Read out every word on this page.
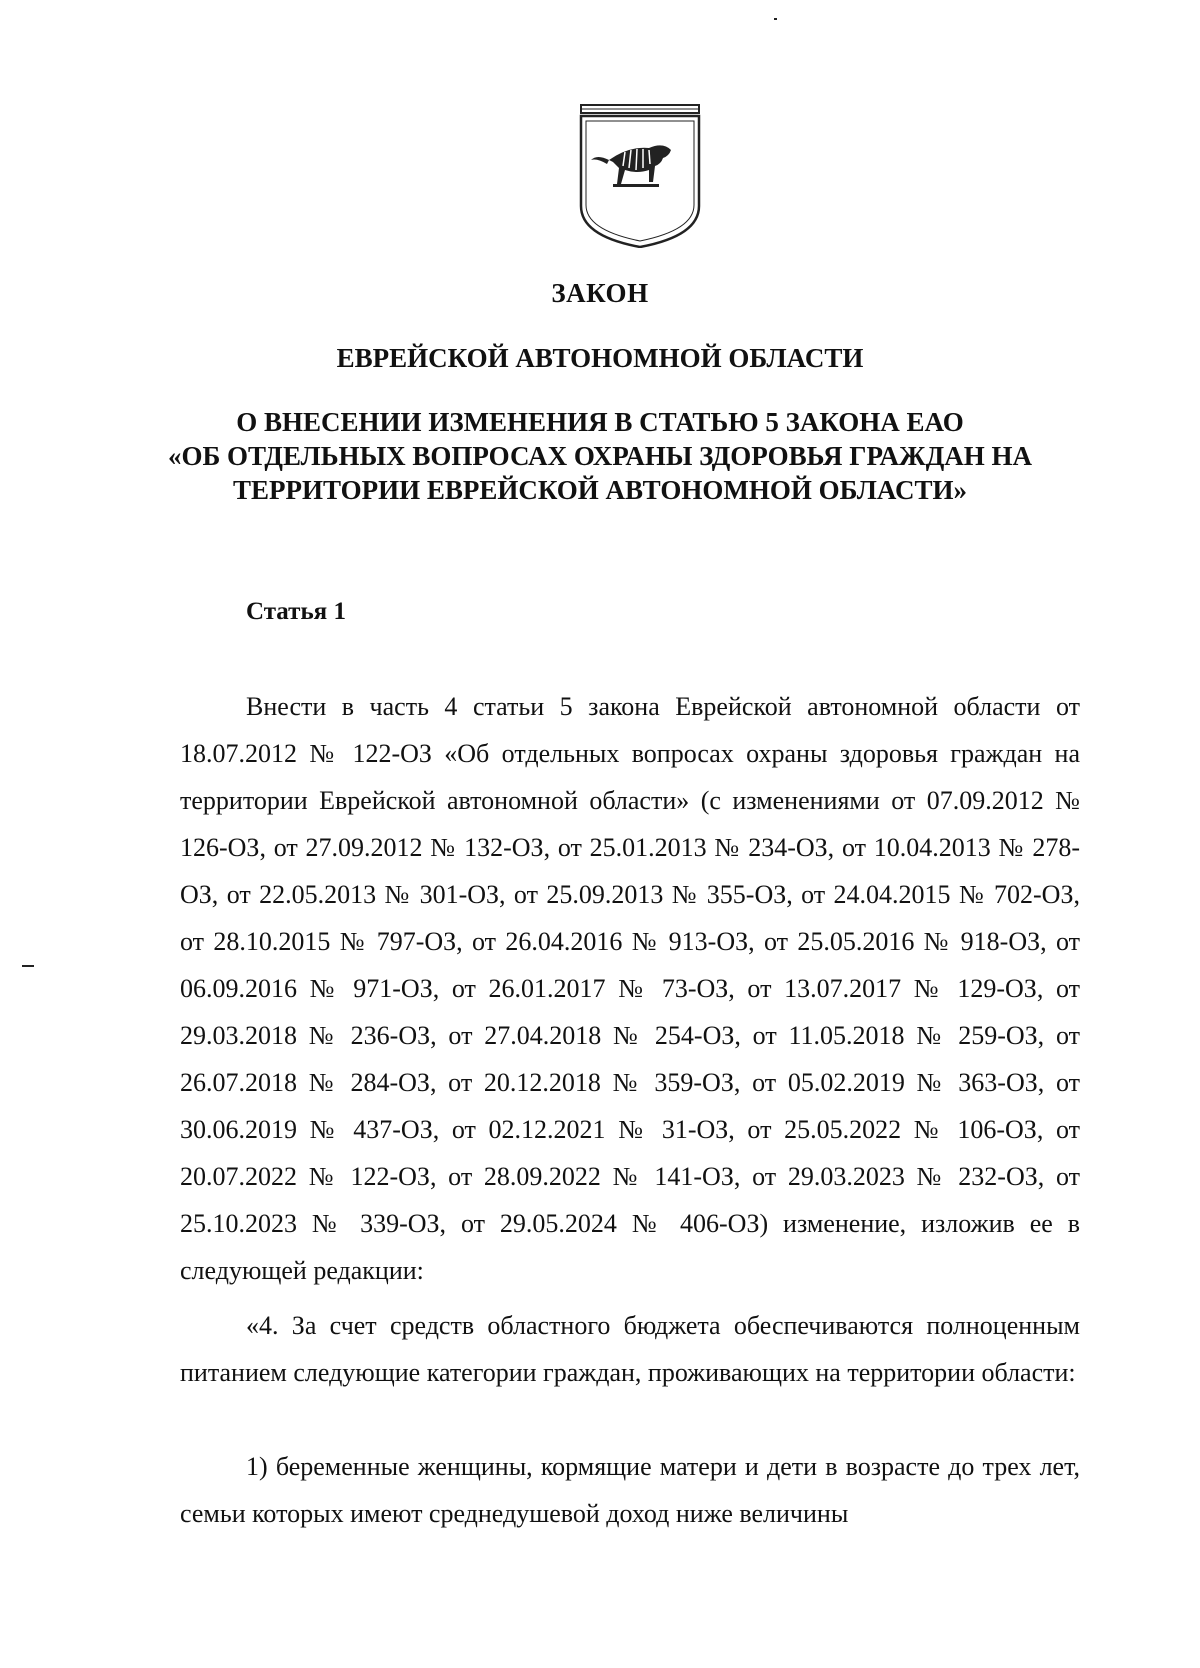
ЗАКОН
ЕВРЕЙСКОЙ АВТОНОМНОЙ ОБЛАСТИ
О ВНЕСЕНИИ ИЗМЕНЕНИЯ В СТАТЬЮ 5 ЗАКОНА ЕАО
«ОБ ОТДЕЛЬНЫХ ВОПРОСАХ ОХРАНЫ ЗДОРОВЬЯ ГРАЖДАН НА
ТЕРРИТОРИИ ЕВРЕЙСКОЙ АВТОНОМНОЙ ОБЛАСТИ»
Статья 1

Внести в часть 4 статьи 5 закона Еврейской автономной области от 18.07.2012 № 122-ОЗ «Об отдельных вопросах охраны здоровья граждан на территории Еврейской автономной области» (с изменениями от 07.09.2012 № 126-ОЗ, от 27.09.2012 № 132-ОЗ, от 25.01.2013 № 234-ОЗ, от 10.04.2013 № 278-ОЗ, от 22.05.2013 № 301-ОЗ, от 25.09.2013 № 355-ОЗ, от 24.04.2015 № 702-ОЗ, от 28.10.2015 № 797-ОЗ, от 26.04.2016 № 913-ОЗ, от 25.05.2016 № 918-ОЗ, от 06.09.2016 № 971-ОЗ, от 26.01.2017 № 73-ОЗ, от 13.07.2017 № 129-ОЗ, от 29.03.2018 № 236-ОЗ, от 27.04.2018 № 254-ОЗ, от 11.05.2018 № 259-ОЗ, от 26.07.2018 № 284-ОЗ, от 20.12.2018 № 359-ОЗ, от 05.02.2019 № 363-ОЗ, от 30.06.2019 № 437-ОЗ, от 02.12.2021 № 31-ОЗ, от 25.05.2022 № 106-ОЗ, от 20.07.2022 № 122-ОЗ, от 28.09.2022 № 141-ОЗ, от 29.03.2023 № 232-ОЗ, от 25.10.2023 № 339-ОЗ, от 29.05.2024 № 406-ОЗ) изменение, изложив ее в следующей редакции:

«4. За счет средств областного бюджета обеспечиваются полноценным питанием следующие категории граждан, проживающих на территории области:

1) беременные женщины, кормящие матери и дети в возрасте до трех лет, семьи которых имеют среднедушевой доход ниже величины
